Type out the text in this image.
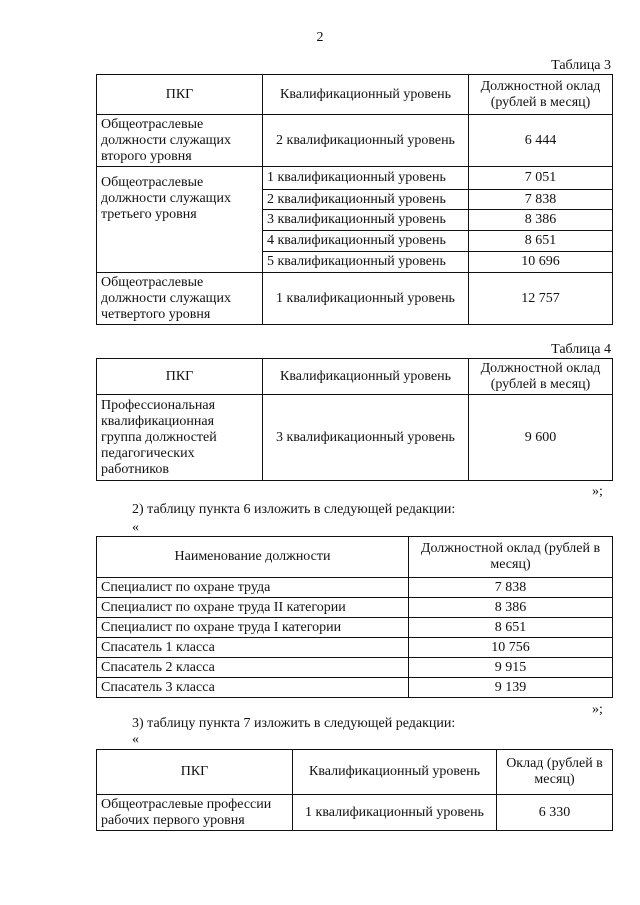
2
Таблица 3
ПКГ	Квалификационный уровень	Должностной оклад (рублей в месяц)
Общеотраслевые должности служащих второго уровня	2 квалификационный уровень	6 444
Общеотраслевые должности служащих третьего уровня	1 квалификационный уровень	7 051
	2 квалификационный уровень	7 838
	3 квалификационный уровень	8 386
	4 квалификационный уровень	8 651
	5 квалификационный уровень	10 696
Общеотраслевые должности служащих четвертого уровня	1 квалификационный уровень	12 757
Таблица 4
ПКГ	Квалификационный уровень	Должностной оклад (рублей в месяц)
Профессиональная квалификационная группа должностей педагогических работников	3 квалификационный уровень	9 600
»;
2) таблицу пункта 6 изложить в следующей редакции:
«
Наименование должности	Должностной оклад (рублей в месяц)
Специалист по охране труда	7 838
Специалист по охране труда II категории	8 386
Специалист по охране труда I категории	8 651
Спасатель 1 класса	10 756
Спасатель 2 класса	9 915
Спасатель 3 класса	9 139
»;
3) таблицу пункта 7 изложить в следующей редакции:
«
ПКГ	Квалификационный уровень	Оклад (рублей в месяц)
Общеотраслевые профессии рабочих первого уровня	1 квалификационный уровень	6 330
